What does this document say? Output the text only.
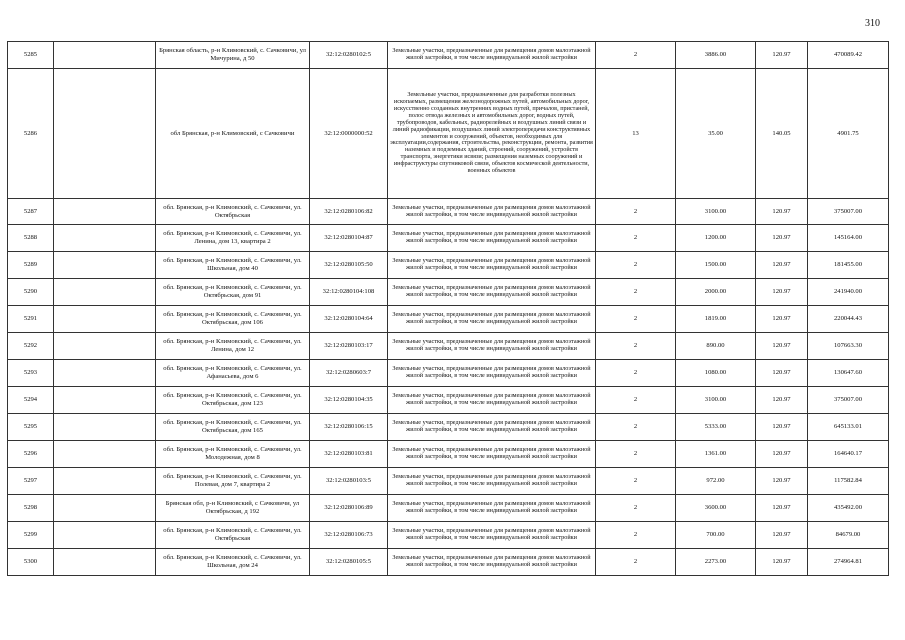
310
5285		Брянская область, р-н Климовский, с. Сачковичи, ул Мичурина, д 50	32:12:0280102:5	Земельные участки, предназначенные для размещения домов малоэтажной жилой застройки, в том числе индивидуальной жилой застройки	2	3886.00	120.97	470089.42
5286		обл Брянская, р-н Климовский, с Сачковичи	32:12:0000000:52	Земельные участки, предназначенные для разработки полезных ископаемых, размещения железнодорожных путей, автомобильных дорог, искусственно созданных внутренних водных путей, причалов, пристаней, полос отвода железных и автомобильных дорог, водных путей, трубопроводов, кабельных, радиорелейных и воздушных линий связи и линий радиофикации, воздушных линий электропередачи конструктивных элементов и сооружений, объектов, необходимых для эксплуатации,содержания, строительства, реконструкции, ремонта, развития наземных и подземных зданий, строений, сооружений, устройств транспорта, энергетики исвязи; размещения наземных сооружений и инфраструктуры спутниковой связи, объектов космической деятельности, военных объектов	13	35.00	140.05	4901.75
5287		обл. Брянская, р-н Климовский, с. Сачковичи, ул. Октябрьская	32:12:0280106:82	Земельные участки, предназначенные для размещения домов малоэтажной жилой застройки, в том числе индивидуальной жилой застройки	2	3100.00	120.97	375007.00
5288		обл. Брянская, р-н Климовский, с. Сачковичи, ул. Ленина, дом 13, квартира 2	32:12:0280104:87	Земельные участки, предназначенные для размещения домов малоэтажной жилой застройки, в том числе индивидуальной жилой застройки	2	1200.00	120.97	145164.00
5289		обл. Брянская, р-н Климовский, с. Сачковичи, ул. Школьная, дом 40	32:12:0280105:50	Земельные участки, предназначенные для размещения домов малоэтажной жилой застройки, в том числе индивидуальной жилой застройки	2	1500.00	120.97	181455.00
5290		обл. Брянская, р-н Климовский, с. Сачковичи, ул. Октябрьская, дом 91	32:12:0280104:108	Земельные участки, предназначенные для размещения домов малоэтажной жилой застройки, в том числе индивидуальной жилой застройки	2	2000.00	120.97	241940.00
5291		обл. Брянская, р-н Климовский, с. Сачковичи, ул. Октябрьская, дом 106	32:12:0280104:64	Земельные участки, предназначенные для размещения домов малоэтажной жилой застройки, в том числе индивидуальной жилой застройки	2	1819.00	120.97	220044.43
5292		обл. Брянская, р-н Климовский, с. Сачковичи, ул. Ленина, дом 12	32:12:0280103:17	Земельные участки, предназначенные для размещения домов малоэтажной жилой застройки, в том числе индивидуальной жилой застройки	2	890.00	120.97	107663.30
5293		обл. Брянская, р-н Климовский, с. Сачковичи, ул. Афанасьева, дом 6	32:12:0280603:7	Земельные участки, предназначенные для размещения домов малоэтажной жилой застройки, в том числе индивидуальной жилой застройки	2	1080.00	120.97	130647.60
5294		обл. Брянская, р-н Климовский, с. Сачковичи, ул. Октябрьская, дом 123	32:12:0280104:35	Земельные участки, предназначенные для размещения домов малоэтажной жилой застройки, в том числе индивидуальной жилой застройки	2	3100.00	120.97	375007.00
5295		обл. Брянская, р-н Климовский, с. Сачковичи, ул. Октябрьская, дом 165	32:12:0280106:15	Земельные участки, предназначенные для размещения домов малоэтажной жилой застройки, в том числе индивидуальной жилой застройки	2	5333.00	120.97	645133.01
5296		обл. Брянская, р-н Климовский, с. Сачковичи, ул. Молодежная, дом 8	32:12:0280103:81	Земельные участки, предназначенные для размещения домов малоэтажной жилой застройки, в том числе индивидуальной жилой застройки	2	1361.00	120.97	164640.17
5297		обл. Брянская, р-н Климовский, с. Сачковичи, ул. Полевая, дом 7, квартира 2	32:12:0280103:5	Земельные участки, предназначенные для размещения домов малоэтажной жилой застройки, в том числе индивидуальной жилой застройки	2	972.00	120.97	117582.84
5298		Брянская обл, р-н Климовский, с Сачковичи, ул Октябрьская, д 192	32:12:0280106:89	Земельные участки, предназначенные для размещения домов малоэтажной жилой застройки, в том числе индивидуальной жилой застройки	2	3600.00	120.97	435492.00
5299		обл. Брянская, р-н Климовский, с. Сачковичи, ул. Октябрьская	32:12:0280106:73	Земельные участки, предназначенные для размещения домов малоэтажной жилой застройки, в том числе индивидуальной жилой застройки	2	700.00	120.97	84679.00
5300		обл. Брянская, р-н Климовский, с. Сачковичи, ул. Школьная, дом 24	32:12:0280105:5	Земельные участки, предназначенные для размещения домов малоэтажной жилой застройки, в том числе индивидуальной жилой застройки	2	2273.00	120.97	274964.81
